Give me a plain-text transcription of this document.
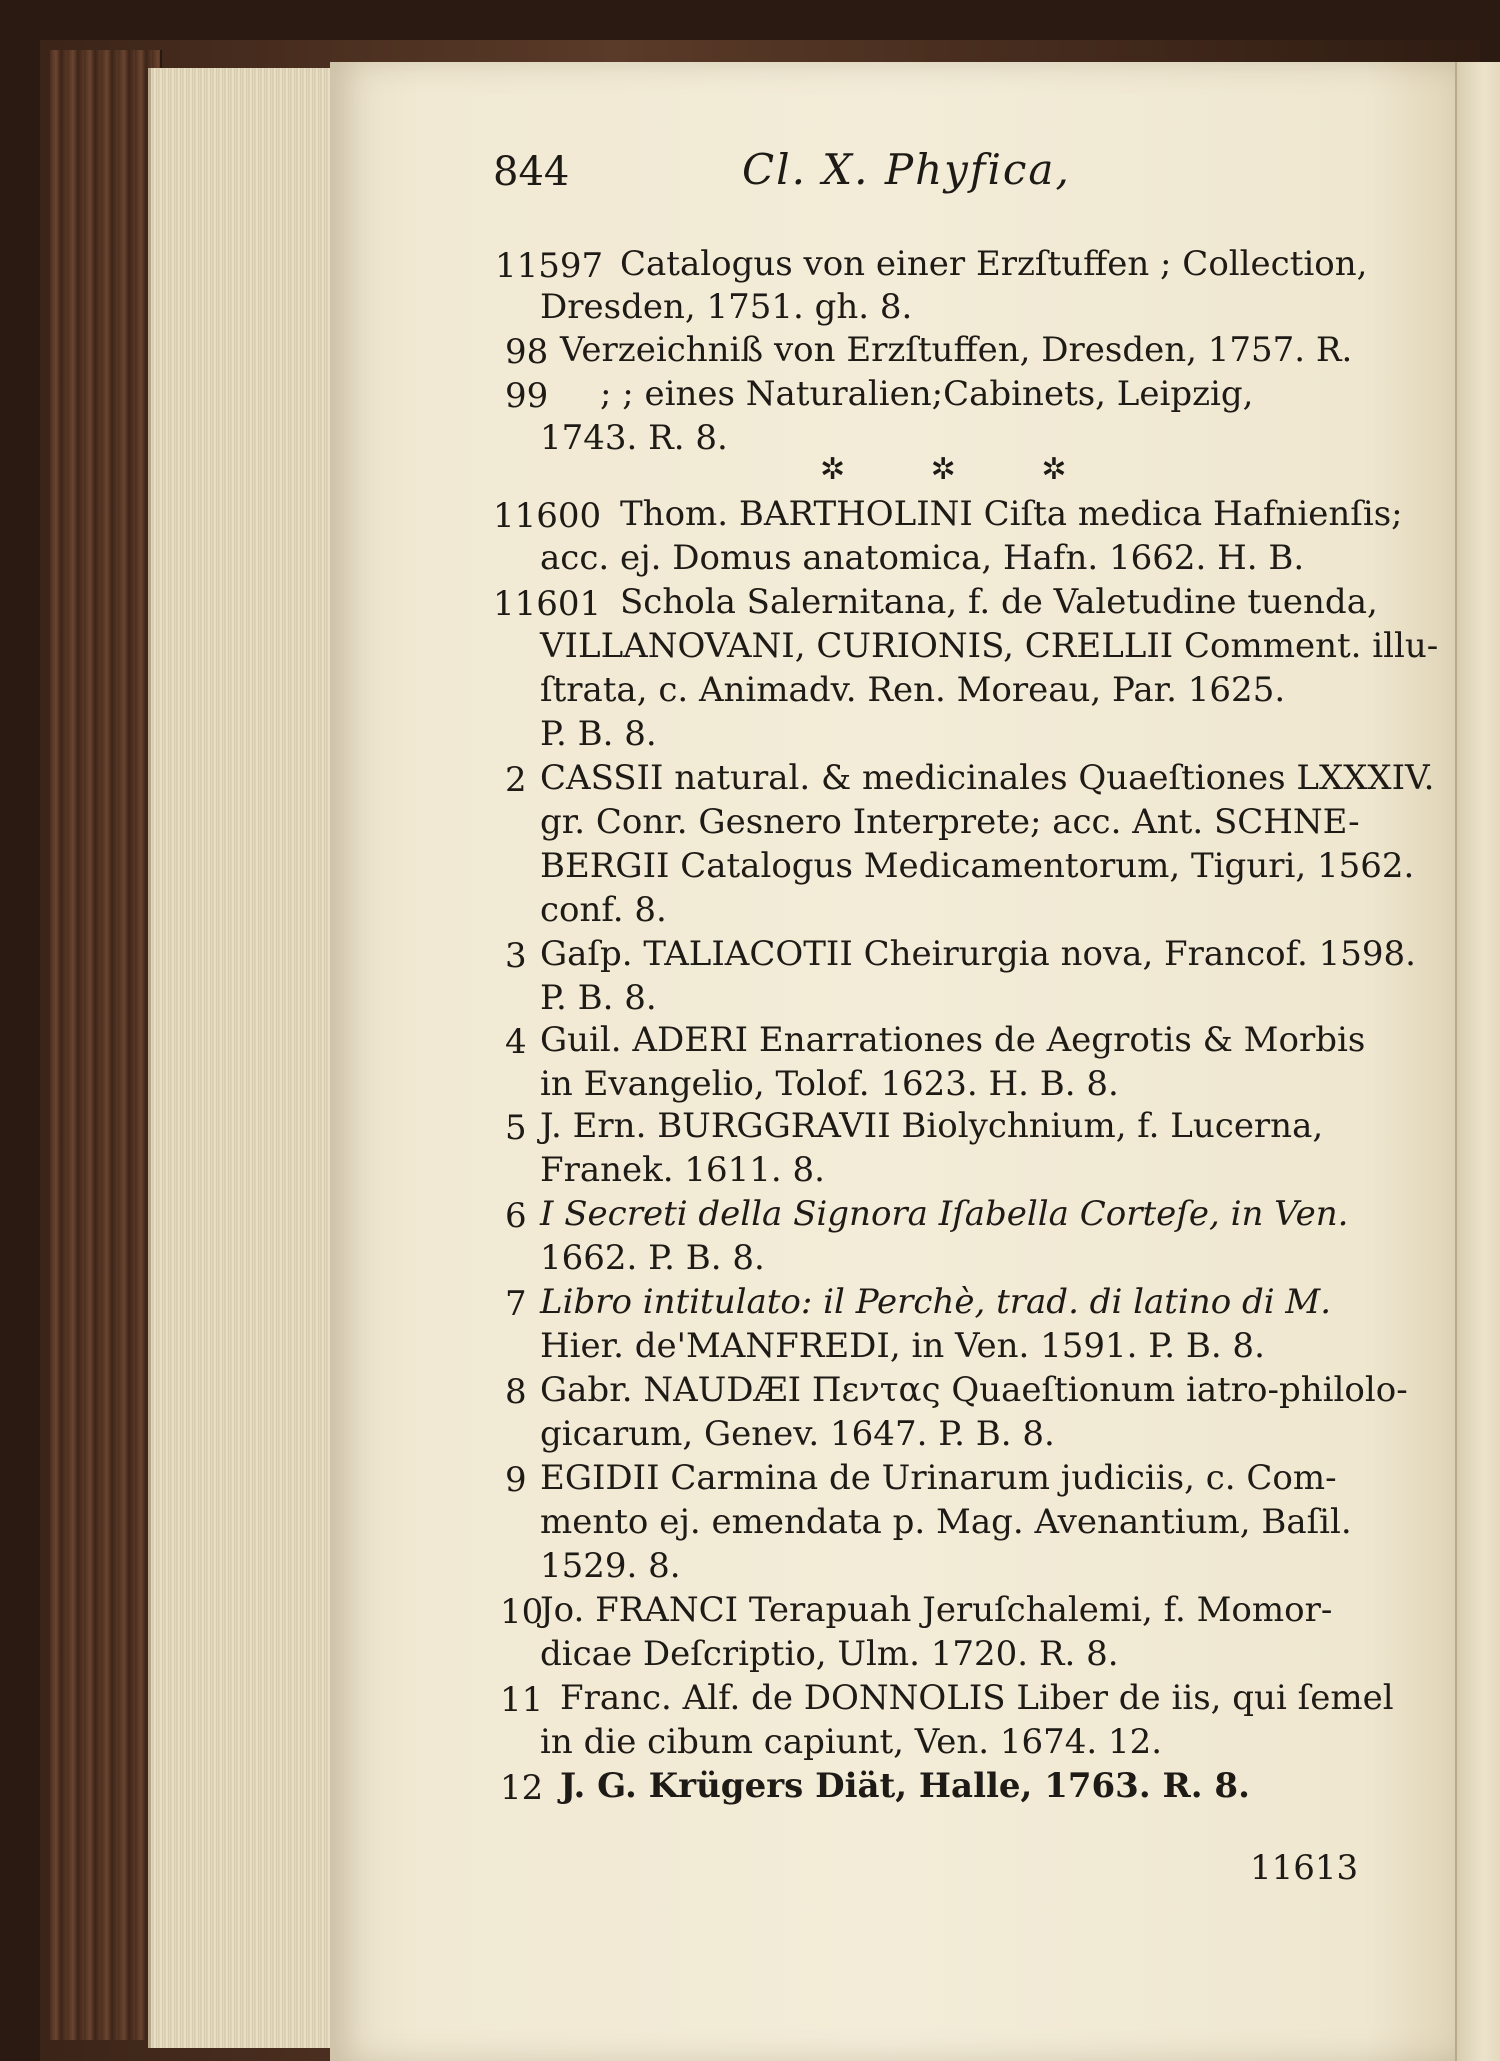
844	Cl. X. Phyfica,
11597 Catalogus von einer Erzſtuffen ; Collection,
Dresden, 1751. gh. 8.
98 Verzeichniß von Erzſtuffen, Dresden, 1757. R.
99 ; ; eines Naturalien;Cabinets, Leipzig,
1743. R. 8.
✲ ✲ ✲
11600 Thom. BARTHOLINI Ciſta medica Hafnienſis;
acc. ej. Domus anatomica, Hafn. 1662. H. B.
11601 Schola Salernitana, f. de Valetudine tuenda,
VILLANOVANI, CURIONIS, CRELLII Comment. illu-
ſtrata, c. Animadv. Ren. Moreau, Par. 1625.
P. B. 8.
2 CASSII natural. & medicinales Quaeſtiones LXXXIV.
gr. Conr. Gesnero Interprete; acc. Ant. SCHNE-
BERGII Catalogus Medicamentorum, Tiguri, 1562.
conf. 8.
3 Gaſp. TALIACOTII Cheirurgia nova, Francof. 1598.
P. B. 8.
4 Guil. ADERI Enarrationes de Aegrotis & Morbis
in Evangelio, Tolof. 1623. H. B. 8.
5 J. Ern. BURGGRAVII Biolychnium, f. Lucerna,
Franek. 1611. 8.
6 I Secreti della Signora Iſabella Corteſe, in Ven.
1662. P. B. 8.
7 Libro intitulato: il Perchè, trad. di latino di M.
Hier. de'MANFREDI, in Ven. 1591. P. B. 8.
8 Gabr. NAUDÆI Πεντας Quaeſtionum iatro-philolo-
gicarum, Genev. 1647. P. B. 8.
9 EGIDII Carmina de Urinarum judiciis, c. Com-
mento ej. emendata p. Mag. Avenantium, Baſil.
1529. 8.
10
Jo. FRANCI Terapuah Jeruſchalemi, f. Momor-
dicae Deſcriptio, Ulm. 1720. R. 8.
11 Franc. Alf. de DONNOLIS Liber de iis, qui ſemel
in die cibum capiunt, Ven. 1674. 12.
12 J. G. Krügers Diät, Halle, 1763. R. 8.
11613
